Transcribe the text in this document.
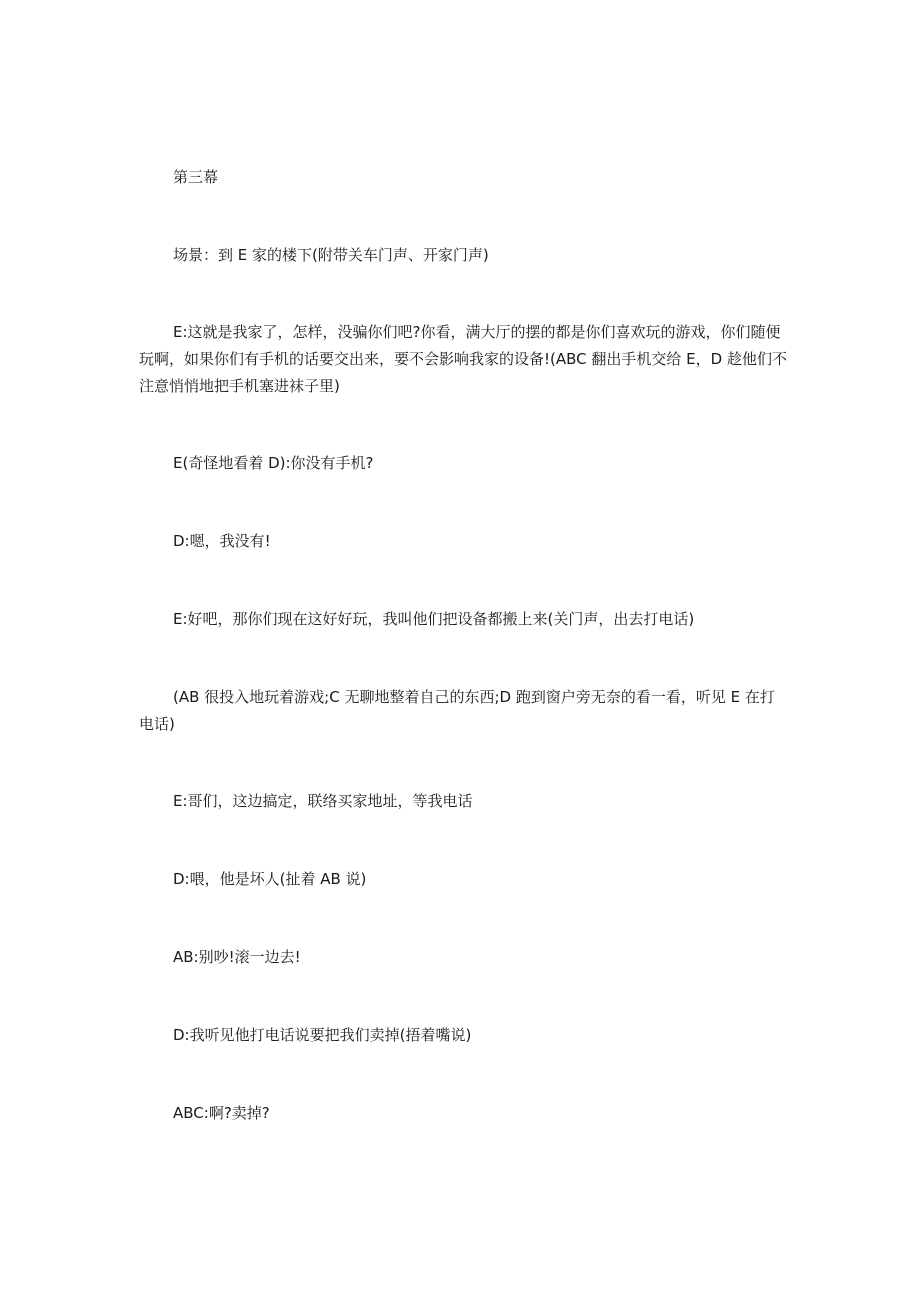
第三幕

场景：到 E 家的楼下(附带关车门声、开家门声)

E:这就是我家了，怎样，没骗你们吧?你看，满大厅的摆的都是你们喜欢玩的游戏，你们随便玩啊，如果你们有手机的话要交出来，要不会影响我家的设备!(ABC 翻出手机交给 E，D 趁他们不注意悄悄地把手机塞进袜子里)

E(奇怪地看着 D):你没有手机?

D:嗯，我没有!

E:好吧，那你们现在这好好玩，我叫他们把设备都搬上来(关门声，出去打电话)

(AB 很投入地玩着游戏;C 无聊地整着自己的东西;D 跑到窗户旁无奈的看一看，听见 E 在打电话)

E:哥们，这边搞定，联络买家地址，等我电话

D:喂，他是坏人(扯着 AB 说)

AB:别吵!滚一边去!

D:我听见他打电话说要把我们卖掉(捂着嘴说)

ABC:啊?卖掉?
